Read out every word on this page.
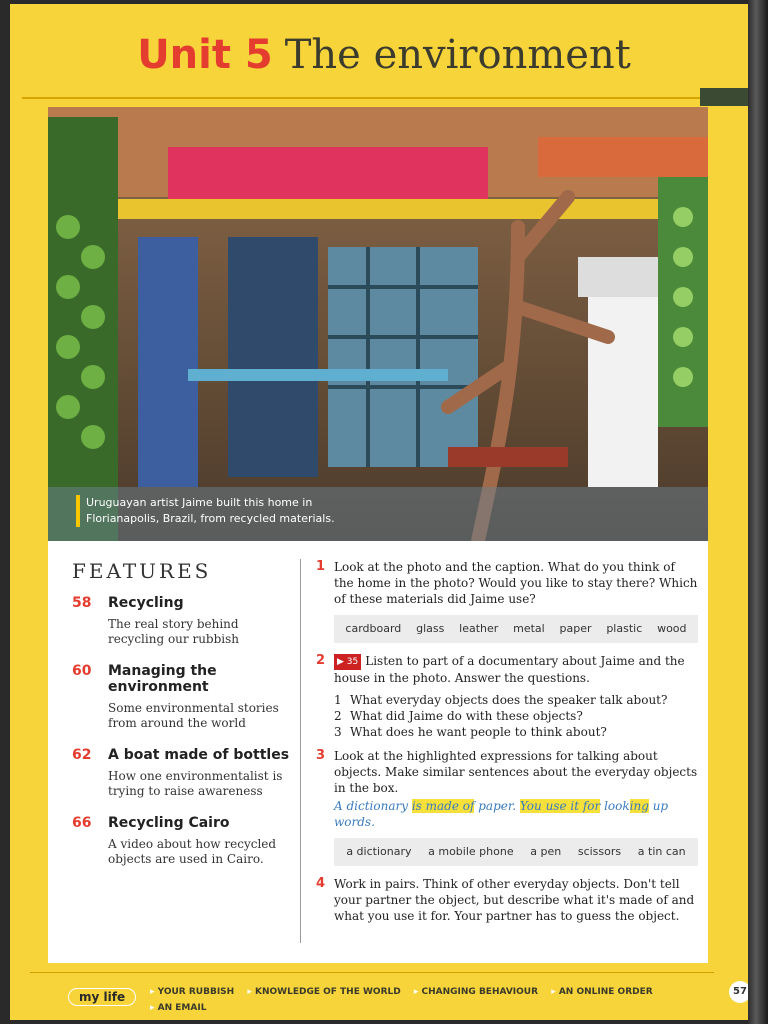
Unit 5 The environment
Uruguayan artist Jaime built this home in Florianapolis, Brazil, from recycled materials.
FEATURES
58	Recycling
The real story behind recycling our rubbish
60	Managing the environment
Some environmental stories from around the world
62	A boat made of bottles
How one environmentalist is trying to raise awareness
66	Recycling Cairo
A video about how recycled objects are used in Cairo.
1 Look at the photo and the caption. What do you think of the home in the photo? Would you like to stay there? Which of these materials did Jaime use?
cardboard glass leather metal paper plastic wood
2	▶ 35 Listen to part of a documentary about Jaime and the house in the photo. Answer the questions.
1 What everyday objects does the speaker talk about?
2 What did Jaime do with these objects?
3 What does he want people to think about?
3 Look at the highlighted expressions for talking about objects. Make similar sentences about the everyday objects in the box.
A dictionary is made of paper. You use it for looking up words.
a dictionary a mobile phone a pen scissors a tin can
4 Work in pairs. Think of other everyday objects. Don't tell your partner the object, but describe what it's made of and what you use it for. Your partner has to guess the object.
my life	▸ YOUR RUBBISH ▸ KNOWLEDGE OF THE WORLD ▸ CHANGING BEHAVIOUR ▸ AN ONLINE ORDER
▸ AN EMAIL
57
